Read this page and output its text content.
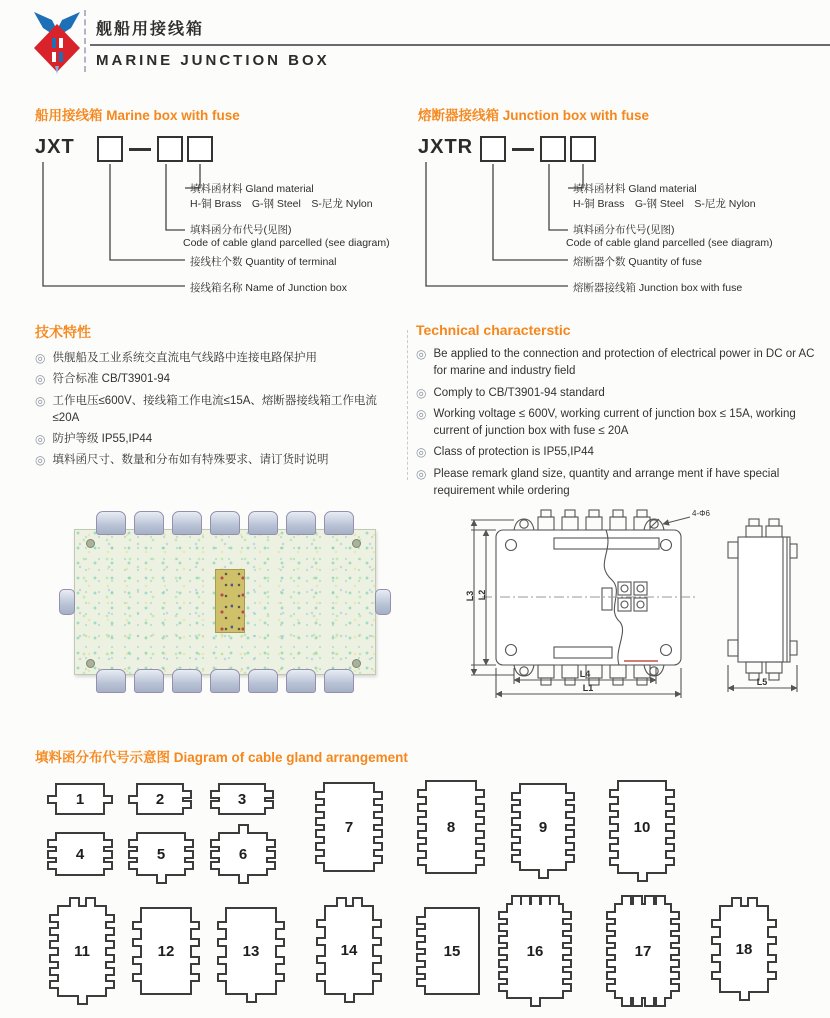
舰船用接线箱
MARINE JUNCTION BOX
船用接线箱 Marine box with fuse
JXT
填料函材料 Gland material
H-铜 Brass　G-钢 Steel　S-尼龙 Nylon
填料函分布代号(见图)
Code of cable gland parcelled (see diagram)
接线柱个数 Quantity of terminal
接线箱名称 Name of Junction box
熔断器接线箱 Junction box with fuse
JXTR
填料函材料 Gland material
H-铜 Brass　G-钢 Steel　S-尼龙 Nylon
填料函分布代号(见图)
Code of cable gland parcelled (see diagram)
熔断器个数 Quantity of fuse
熔断器接线箱 Junction box with fuse
技术特性
◎ 供舰船及工业系统交直流电气线路中连接电路保护用
◎ 符合标准 CB/T3901-94
◎ 工作电压≤600V、接线箱工作电流≤15A、熔断器接线箱工作电流≤20A
◎ 防护等级 IP55,IP44
◎ 填料函尺寸、数量和分布如有特殊要求、请订货时说明
Technical characterstic
◎ Be applied to the connection and protection of electrical power in DC or AC for marine and industry field
◎ Comply to CB/T3901-94 standard
◎ Working voltage ≤ 600V, working current of junction box ≤ 15A, working current of junction box with fuse ≤ 20A
◎ Class of protection is IP55,IP44
◎ Please remark gland size, quantity and arrange ment if have special requirement while ordering
L2
L3
L4
L1
L5
4-Φ6
填料函分布代号示意图 Diagram of cable gland arrangement
1	2	3
4	5	6
7	8	9	10
11	12	13	14	15	16	17	18
